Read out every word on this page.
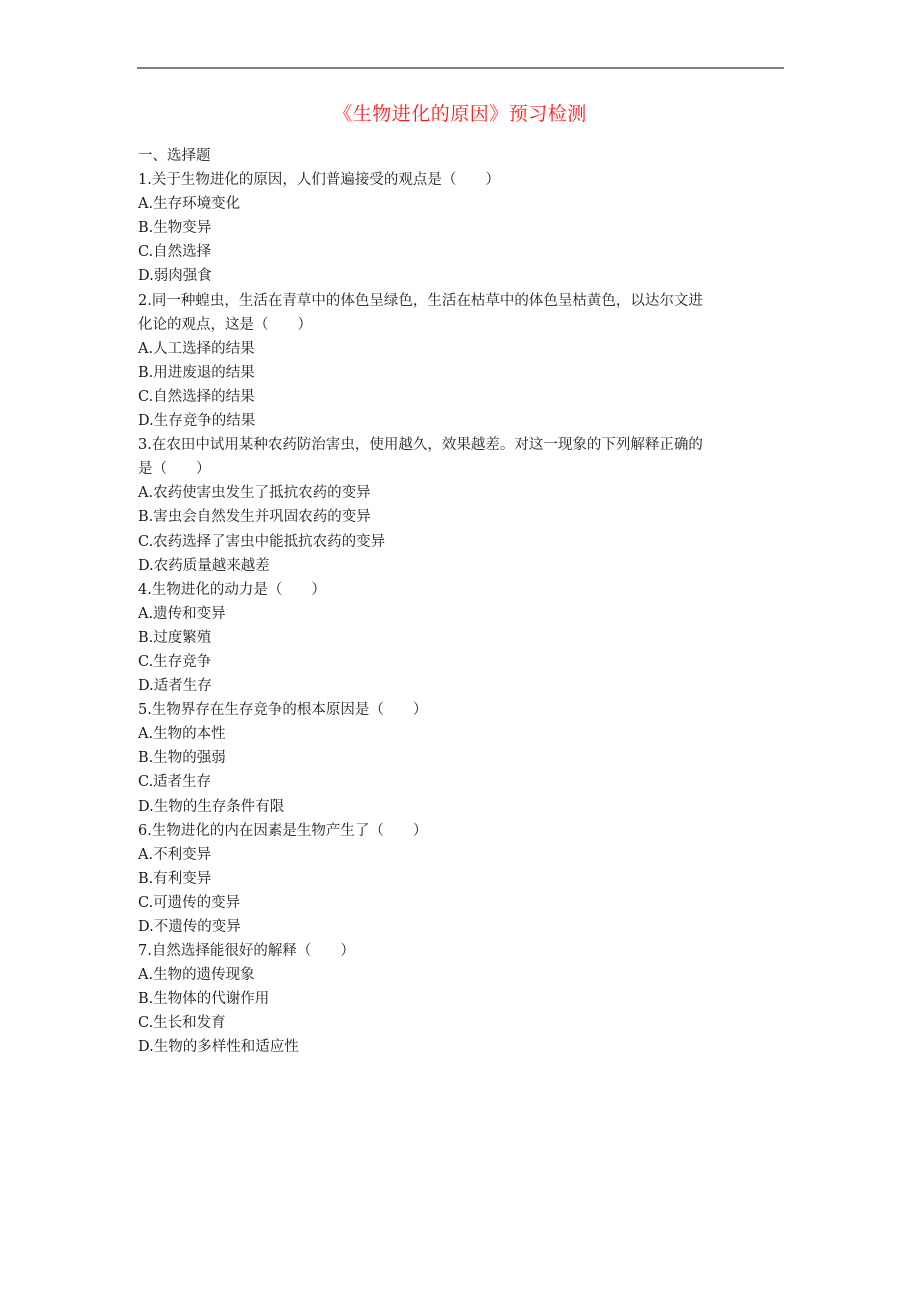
《生物进化的原因》预习检测
一、选择题
1.关于生物进化的原因，人们普遍接受的观点是（　　）
A.生存环境变化
B.生物变异
C.自然选择
D.弱肉强食
2.同一种蝗虫，生活在青草中的体色呈绿色，生活在枯草中的体色呈枯黄色，以达尔文进
化论的观点，这是（　　）
A.人工选择的结果
B.用进废退的结果
C.自然选择的结果
D.生存竞争的结果
3.在农田中试用某种农药防治害虫，使用越久，效果越差。对这一现象的下列解释正确的
是（　　）
A.农药使害虫发生了抵抗农药的变异
B.害虫会自然发生并巩固农药的变异
C.农药选择了害虫中能抵抗农药的变异
D.农药质量越来越差
4.生物进化的动力是（　　）
A.遗传和变异
B.过度繁殖
C.生存竞争
D.适者生存
5.生物界存在生存竞争的根本原因是（　　）
A.生物的本性
B.生物的强弱
C.适者生存
D.生物的生存条件有限
6.生物进化的内在因素是生物产生了（　　）
A.不利变异
B.有利变异
C.可遗传的变异
D.不遗传的变异
7.自然选择能很好的解释（　　）
A.生物的遗传现象
B.生物体的代谢作用
C.生长和发育
D.生物的多样性和适应性
